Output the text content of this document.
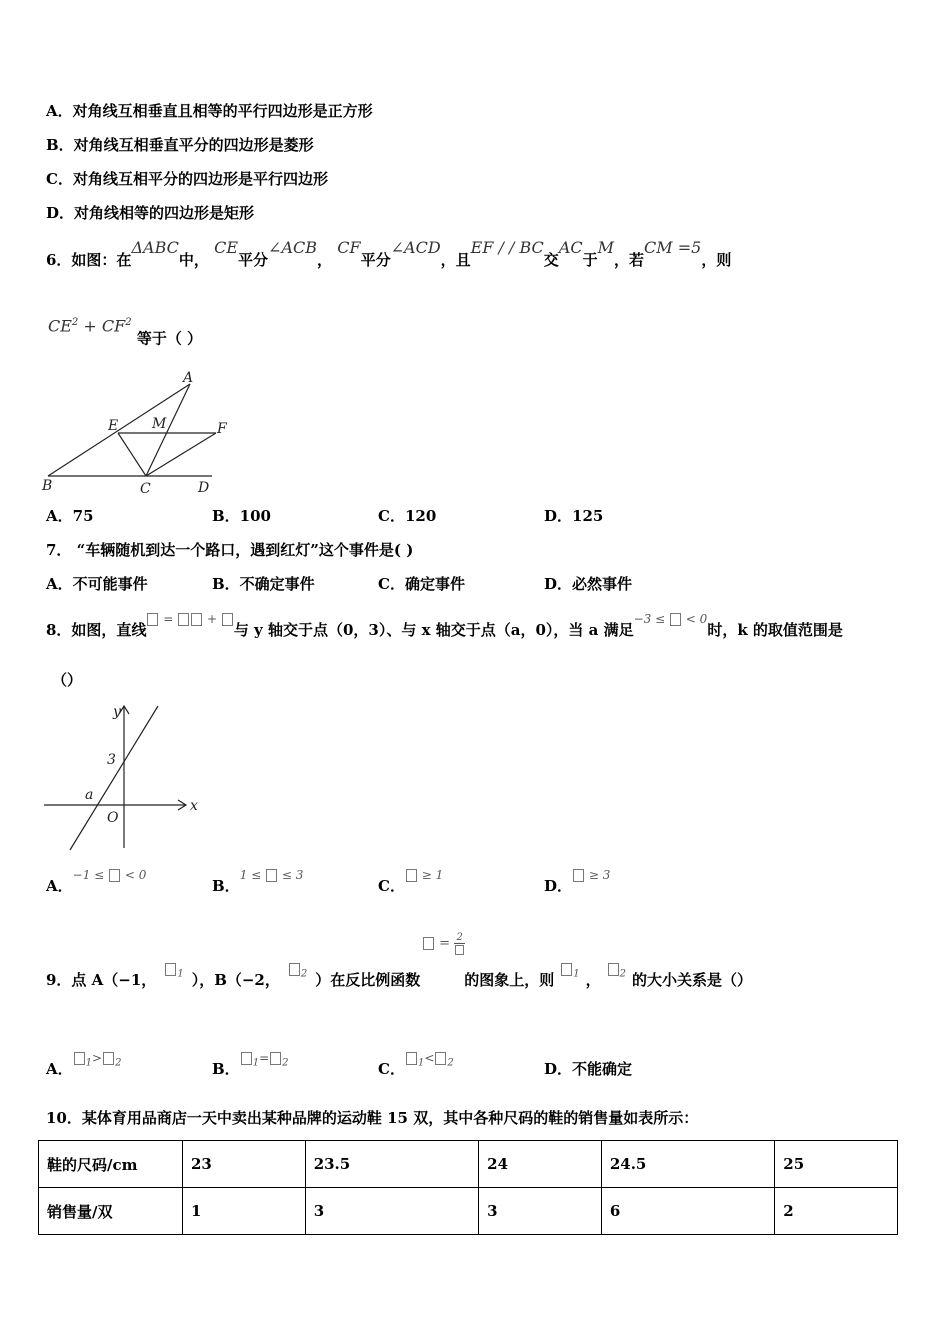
A．对角线互相垂直且相等的平行四边形是正方形
B．对角线互相垂直平分的四边形是菱形
C．对角线互相平分的四边形是平行四边形
D．对角线相等的四边形是矩形
6．如图：在ΔABC中， CE平分∠ACB， CF平分∠ACD，且EF / / BC交AC于M，若CM =5，则
$CE^2 + CF^2$ 等于（ ）
A
B	C	D
E	F
M
A．75	B．100	C．120	D．125
7． “车辆随机到达一个路口，遇到红灯”这个事件是( )
A．不可能事件	B．不确定事件	C．确定事件	D．必然事件
8．如图，直线 =  + 与 y 轴交于点（0，3）、与 x 轴交于点（a，0），当 a 满足$^{-3 \le < 0}$时，k 的取值范围是
（）
y
x
3
a
O
A．$^{-1 \le < 0}$
B．$^{1 \le \le 3}$
C． $^{\ge 1}$
D． $^{\ge 3}$
= 2
9．点 A（−1， $^{_1}$ ），B（−2， $^{_2}$ ）在反比例函数	的图象上，则 $^{_1}$ ， $^{_2}$ 的大小关系是（）
A． $^{_1> _2}$	B． $^{_1= _2}$	C． $^{_1< _2}$	D．不能确定
10．某体育用品商店一天中卖出某种品牌的运动鞋 15 双，其中各种尺码的鞋的销售量如表所示：
鞋的尺码/cm	23	23.5	24	24.5	25
销售量/双	1	3	3	6	2
